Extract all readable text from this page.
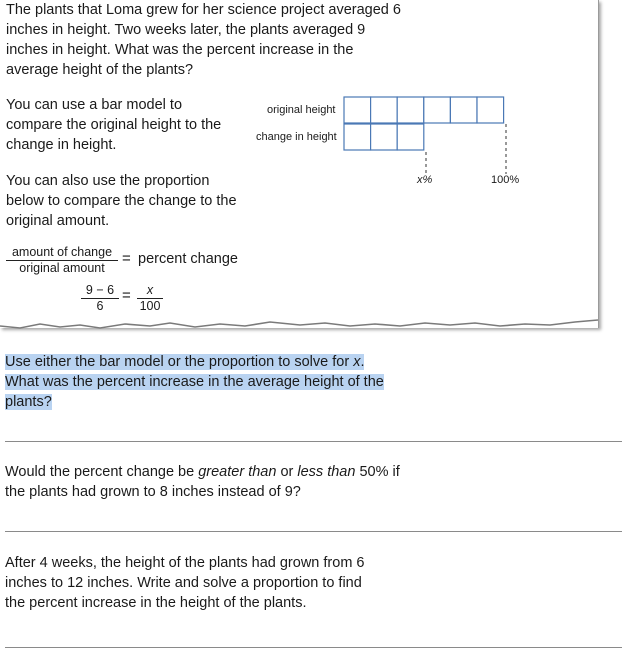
The plants that Loma grew for her science project averaged 6 inches in height. Two weeks later, the plants averaged 9 inches in height. What was the percent increase in the average height of the plants?

You can use a bar model to compare the original height to the change in height.

original height
change in height
x%	100%

You can also use the proportion below to compare the change to the original amount.

amount of change
original amount
= percent change
$\frac{9 - 6}{6} = \frac{x}{100}$

Use either the bar model or the proportion to solve for x. What was the percent increase in the average height of the plants?

Would the percent change be greater than or less than 50% if the plants had grown to 8 inches instead of 9?

After 4 weeks, the height of the plants had grown from 6 inches to 12 inches. Write and solve a proportion to find the percent increase in the height of the plants.
